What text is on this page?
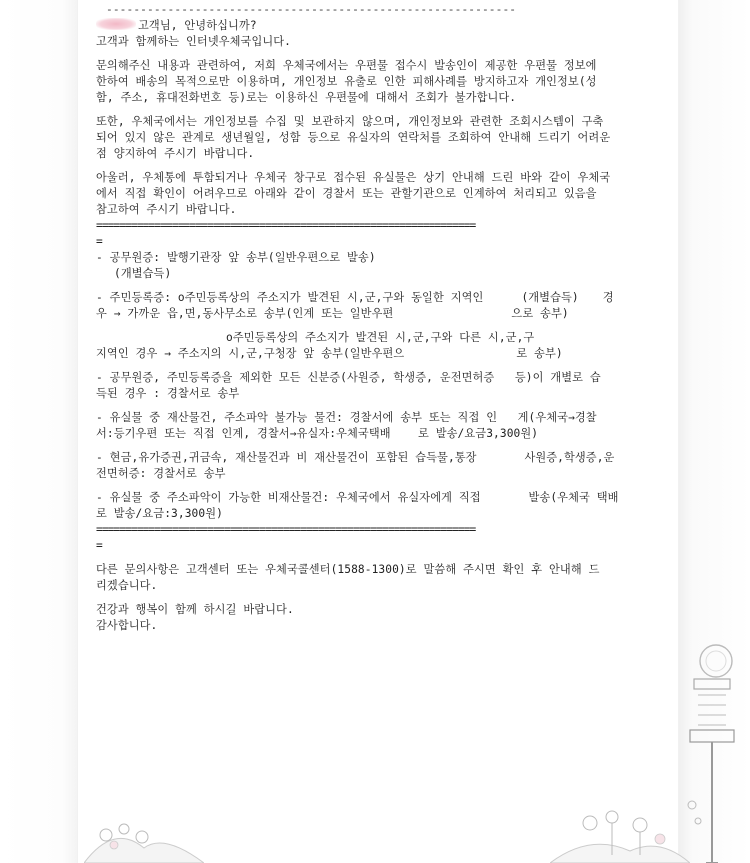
------------------------------------------------------------
고객님, 안녕하십니까?
고객과 함께하는 인터넷우체국입니다.
문의해주신 내용과 관련하여, 저희 우체국에서는 우편물 접수시 발송인이 제공한 우편물 정보에
한하여 배송의 목적으로만 이용하며, 개인정보 유출로 인한 피해사례를 방지하고자 개인정보(성
함, 주소, 휴대전화번호 등)로는 이용하신 우편물에 대해서 조회가 불가합니다.
또한, 우체국에서는 개인정보를 수집 및 보관하지 않으며, 개인정보와 관련한 조회시스템이 구축
되어 있지 않은 관계로 생년월일, 성함 등으로 유실자의 연락처를 조회하여 안내해 드리기 어려운
점 양지하여 주시기 바랍니다.
아울러, 우체통에 투함되거나 우체국 창구로 접수된 유실물은 상기 안내해 드린 바와 같이 우체국
에서 직접 확인이 어려우므로 아래와 같이 경찰서 또는 관할기관으로 인계하여 처리되고 있음을
참고하여 주시기 바랍니다.
=================================================================
=
- 공무원증: 발행기관장 앞 송부(일반우편으로 발송)
(개별습득)
- 주민등록증: o주민등록상의 주소지가 발견된 시,군,구와 동일한 지역인	(개별습득) 경
우 → 가까운 읍,면,동사무소로 송부(인계 또는 일반우편	으로 송부)
o주민등록상의 주소지가 발견된 시,군,구와 다른 시,군,구
지역인 경우 → 주소지의 시,군,구청장 앞 송부(일반우편으	로 송부)
- 공무원증, 주민등록증을 제외한 모든 신분증(사원증, 학생증, 운전면허증   등)이 개별로 습
득된 경우 : 경찰서로 송부
- 유실물 중 재산물건, 주소파악 불가능 물건: 경찰서에 송부 또는 직접 인   게(우체국→경찰
서:등기우편 또는 직접 인계, 경찰서→유실자:우체국택배    로 발송/요금3,300원)
- 현금,유가증권,귀금속, 재산물건과 비 재산물건이 포함된 습득물,통장       사원증,학생증,운
전면허증: 경찰서로 송부
- 유실물 중 주소파악이 가능한 비재산물건: 우체국에서 유실자에게 직접       발송(우체국 택배
로 발송/요금:3,300원)
=================================================================
=
다른 문의사항은 고객센터 또는 우체국콜센터(1588-1300)로 말씀해 주시면 확인 후 안내해 드
리겠습니다.
건강과 행복이 함께 하시길 바랍니다.
감사합니다.
